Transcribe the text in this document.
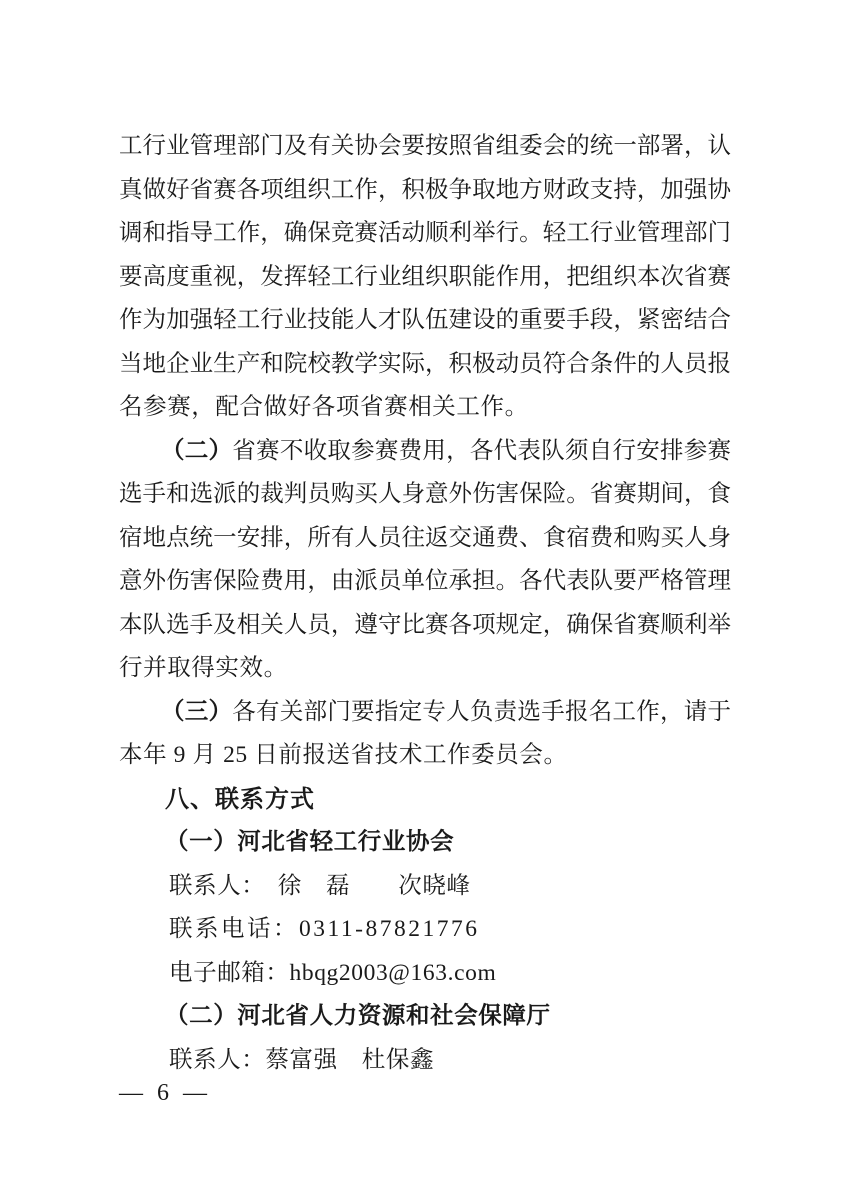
工行业管理部门及有关协会要按照省组委会的统一部署，认
真做好省赛各项组织工作，积极争取地方财政支持，加强协
调和指导工作，确保竞赛活动顺利举行。轻工行业管理部门
要高度重视，发挥轻工行业组织职能作用，把组织本次省赛
作为加强轻工行业技能人才队伍建设的重要手段，紧密结合
当地企业生产和院校教学实际，积极动员符合条件的人员报
名参赛，配合做好各项省赛相关工作。
（二）省赛不收取参赛费用，各代表队须自行安排参赛
选手和选派的裁判员购买人身意外伤害保险。省赛期间，食
宿地点统一安排，所有人员往返交通费、食宿费和购买人身
意外伤害保险费用，由派员单位承担。各代表队要严格管理
本队选手及相关人员，遵守比赛各项规定，确保省赛顺利举
行并取得实效。
（三）各有关部门要指定专人负责选手报名工作，请于
本年 9 月 25 日前报送省技术工作委员会。
八、联系方式
（一）河北省轻工行业协会
联系人：　徐　磊　　次晓峰
联系电话：0311-87821776
电子邮箱：hbqg2003@163.com
（二）河北省人力资源和社会保障厅
联系人：蔡富强　杜保鑫
— 6 —
